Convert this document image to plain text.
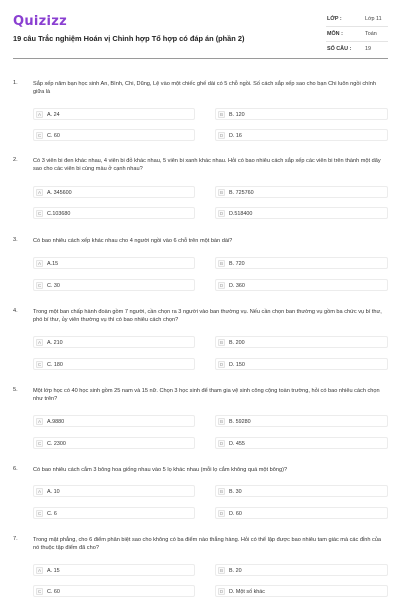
Quizizz
19 câu Trắc nghiệm Hoán vị Chỉnh hợp Tổ hợp có đáp án (phần 2)
LỚP :	Lớp 11
MÔN :	Toán
SỐ CÂU :	19
1.	Sắp xếp năm bạn học sinh An, Bình, Chi, Dũng, Lệ vào một chiếc ghế dài có 5 chỗ ngồi. Số cách sắp xếp sao cho bạn Chi luôn ngồi chính giữa là
A	A. 24	B	B. 120
C	C. 60	D	D. 16
2.	Có 3 viên bi đen khác nhau, 4 viên bi đỏ khác nhau, 5 viên bi xanh khác nhau. Hỏi có bao nhiêu cách sắp xếp các viên bi trên thành một dãy sao cho các viên bi cùng màu ở cạnh nhau?
A	A. 345600	B	B. 725760
C	C.103680	D	D.518400
3.	Có bao nhiêu cách xếp khác nhau cho 4 người ngồi vào 6 chỗ trên một bàn dài?
A	A.15	B	B. 720
C	C. 30	D	D. 360
4.	Trong một ban chấp hành đoàn gồm 7 người, cần chọn ra 3 người vào ban thường vụ. Nếu cần chọn ban thường vụ gồm ba chức vụ bí thư, phó bí thư, ủy viên thường vụ thì có bao nhiêu cách chọn?
A	A. 210	B	B. 200
C	C. 180	D	D. 150
5.	Một lớp học có 40 học sinh gồm 25 nam và 15 nữ. Chọn 3 học sinh để tham gia vệ sinh công cộng toàn trường, hỏi có bao nhiêu cách chọn như trên?
A	A.9880	B	B. 59280
C	C. 2300	D	D. 455
6.	Có bao nhiêu cách cắm 3 bông hoa giống nhau vào 5 lọ khác nhau (mỗi lọ cắm không quá một bông)?
A	A. 10	B	B. 30
C	C. 6	D	D. 60
7.	Trong mặt phẳng, cho 6 điểm phân biệt sao cho không có ba điểm nào thẳng hàng. Hỏi có thể lập được bao nhiêu tam giác mà các đỉnh của nó thuộc tập điểm đã cho?
A	A. 15	B	B. 20
C	C. 60	D	D. Một số khác
